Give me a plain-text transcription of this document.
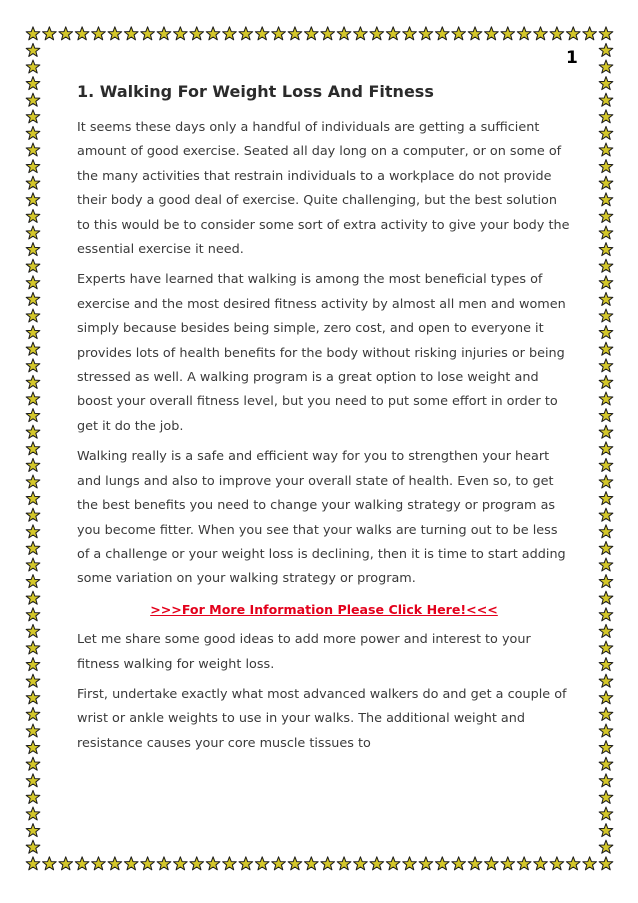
1
1. Walking For Weight Loss And Fitness

It seems these days only a handful of individuals are getting a sufficient amount of good exercise. Seated all day long on a computer, or on some of the many activities that restrain individuals to a workplace do not provide their body a good deal of exercise. Quite challenging, but the best solution to this would be to consider some sort of extra activity to give your body the essential exercise it need.

Experts have learned that walking is among the most beneficial types of exercise and the most desired fitness activity by almost all men and women simply because besides being simple, zero cost, and open to everyone it provides lots of health benefits for the body without risking injuries or being stressed as well. A walking program is a great option to lose weight and boost your overall fitness level, but you need to put some effort in order to get it do the job.

Walking really is a safe and efficient way for you to strengthen your heart and lungs and also to improve your overall state of health. Even so, to get the best benefits you need to change your walking strategy or program as you become fitter. When you see that your walks are turning out to be less of a challenge or your weight loss is declining, then it is time to start adding some variation on your walking strategy or program.

>>>For More Information Please Click Here!<<<

Let me share some good ideas to add more power and interest to your fitness walking for weight loss.

First, undertake exactly what most advanced walkers do and get a couple of wrist or ankle weights to use in your walks. The additional weight and resistance causes your core muscle tissues to
